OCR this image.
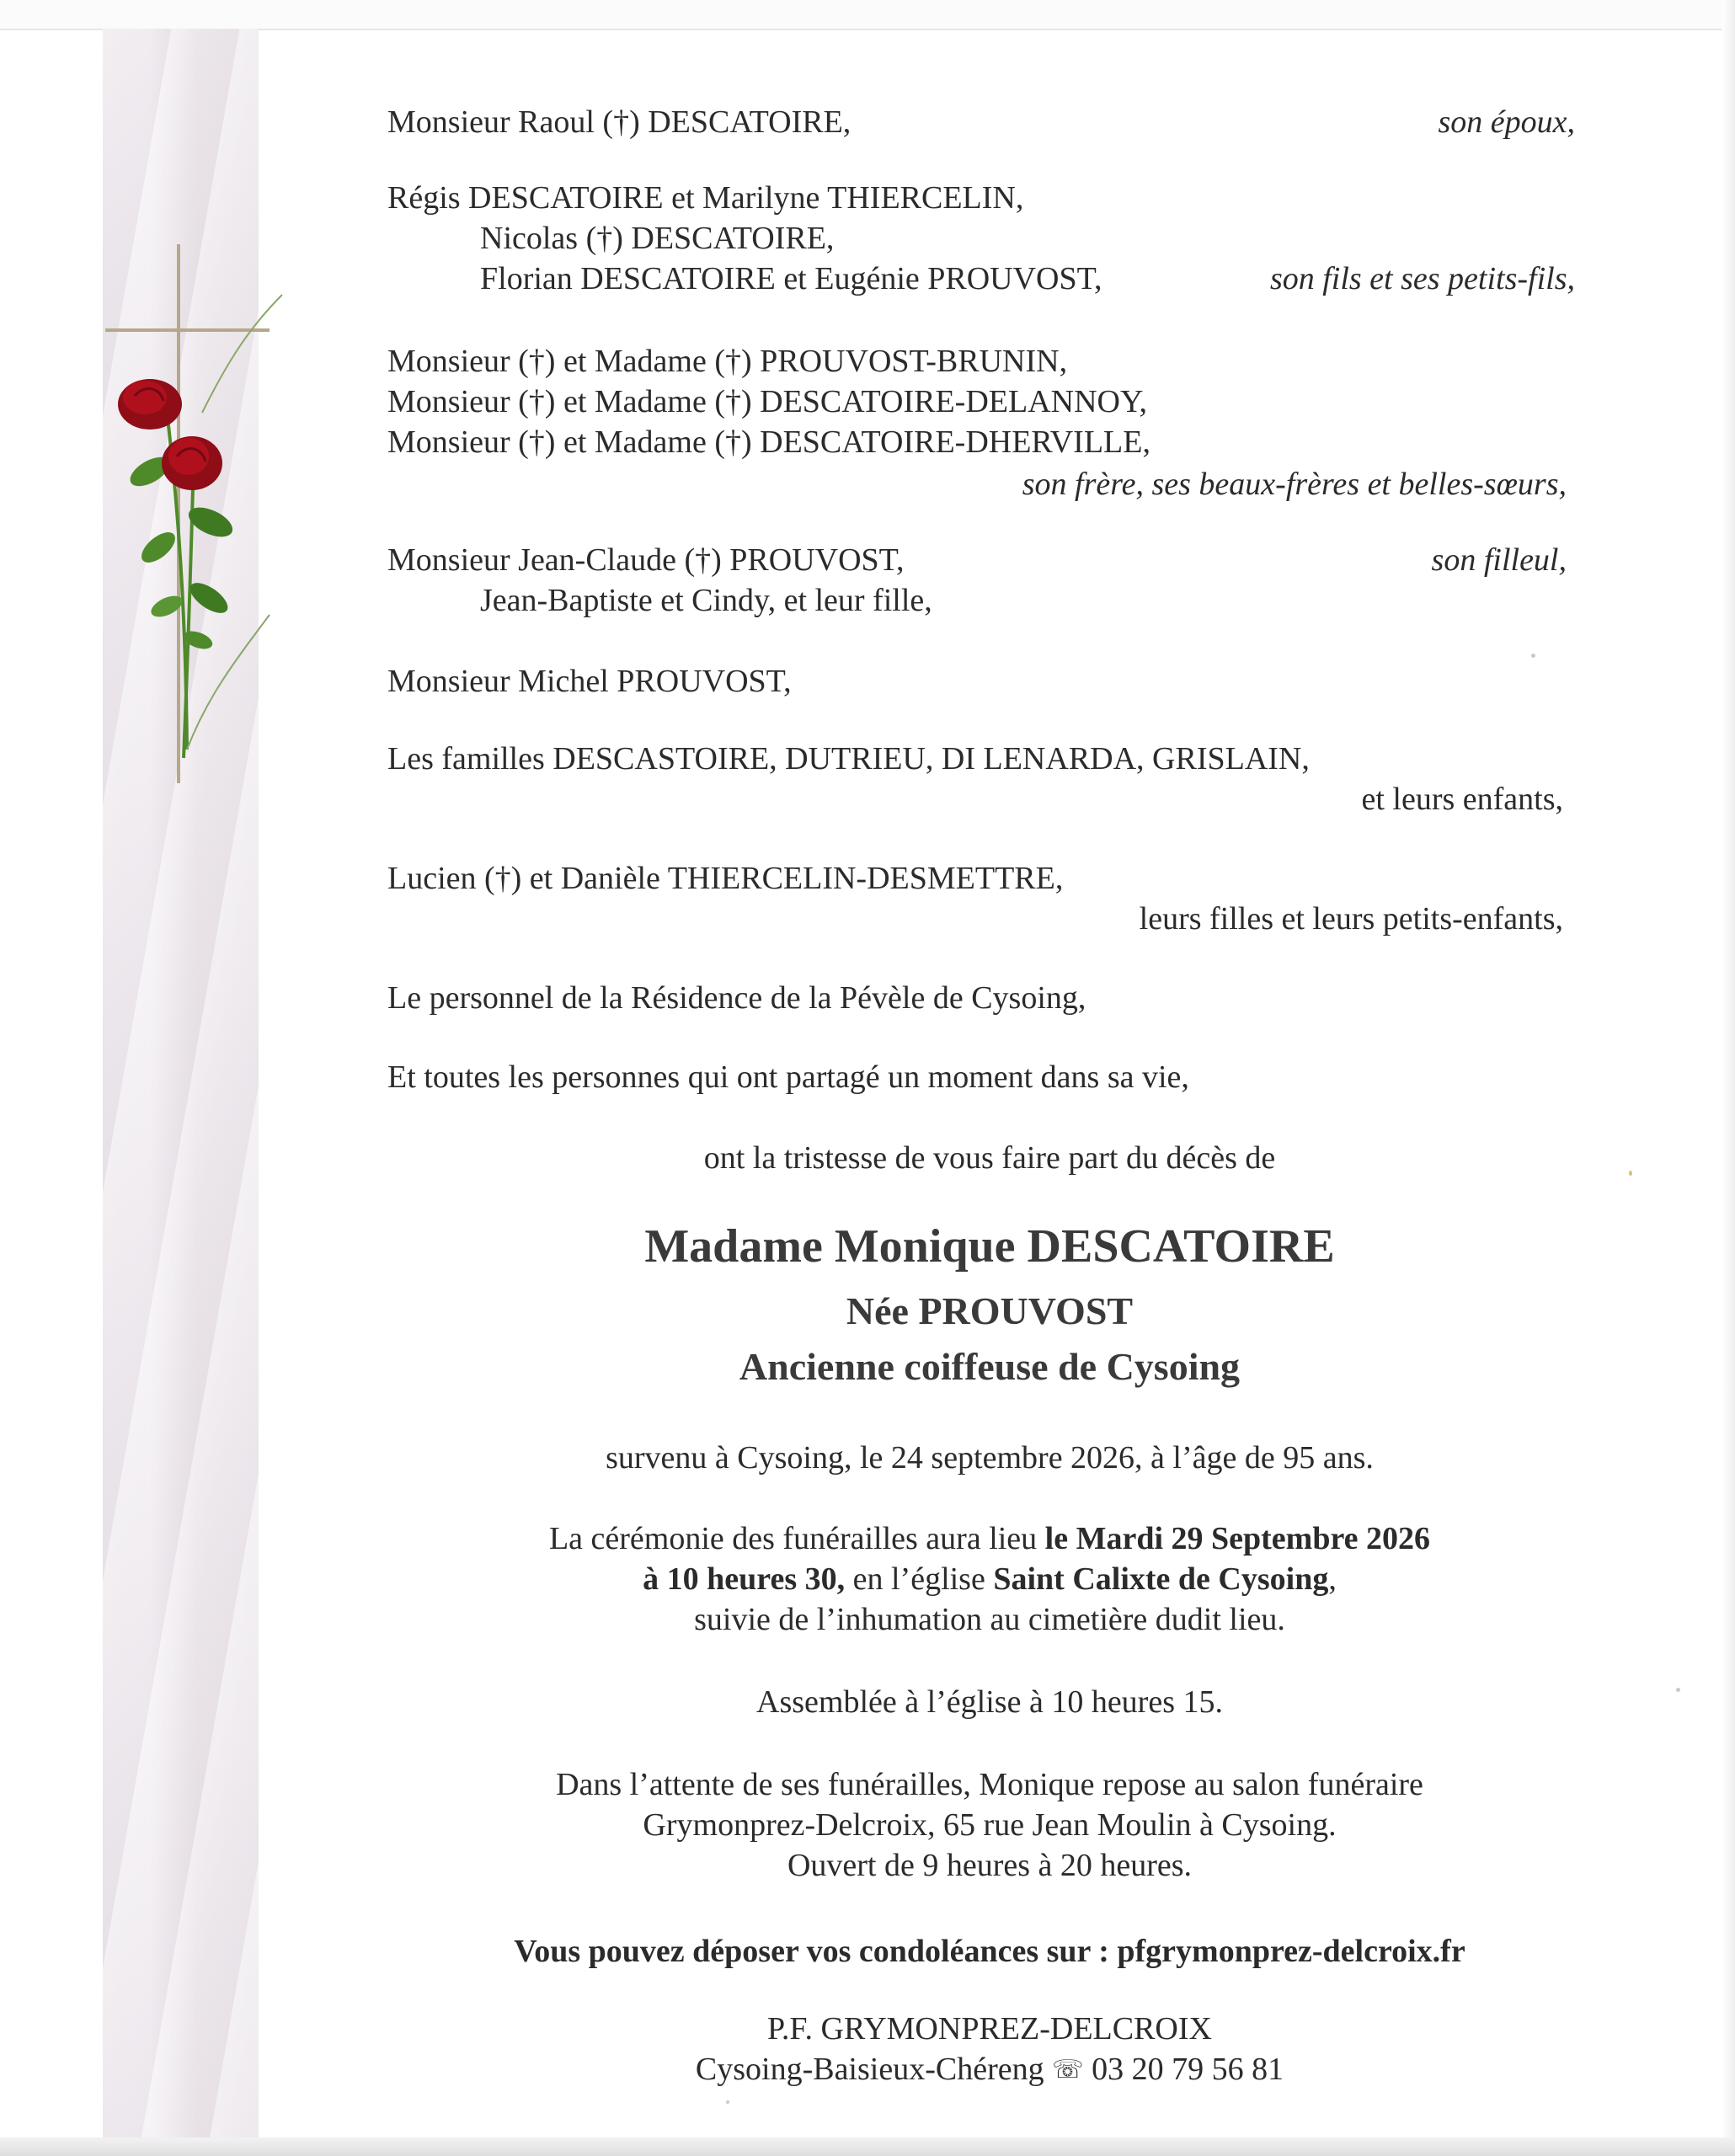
Monsieur Raoul (†) DESCATOIRE,	son époux,
Régis DESCATOIRE et Marilyne THIERCELIN,
Nicolas (†) DESCATOIRE,
Florian DESCATOIRE et Eugénie PROUVOST,	son fils et ses petits-fils,
Monsieur (†) et Madame (†) PROUVOST-BRUNIN,
Monsieur (†) et Madame (†) DESCATOIRE-DELANNOY,
Monsieur (†) et Madame (†) DESCATOIRE-DHERVILLE,
son frère, ses beaux-frères et belles-sœurs,
Monsieur Jean-Claude (†) PROUVOST,	son filleul,
Jean-Baptiste et Cindy, et leur fille,
Monsieur Michel PROUVOST,
Les familles DESCASTOIRE, DUTRIEU, DI LENARDA, GRISLAIN,
et leurs enfants,
Lucien (†) et Danièle THIERCELIN-DESMETTRE,
leurs filles et leurs petits-enfants,
Le personnel de la Résidence de la Pévèle de Cysoing,
Et toutes les personnes qui ont partagé un moment dans sa vie,
ont la tristesse de vous faire part du décès de
Madame Monique DESCATOIRE
Née PROUVOST
Ancienne coiffeuse de Cysoing
survenu à Cysoing, le 24 septembre 2026, à l’âge de 95 ans.
La cérémonie des funérailles aura lieu le Mardi 29 Septembre 2026
à 10 heures 30, en l’église Saint Calixte de Cysoing,
suivie de l’inhumation au cimetière dudit lieu.
Assemblée à l’église à 10 heures 15.
Dans l’attente de ses funérailles, Monique repose au salon funéraire
Grymonprez-Delcroix, 65 rue Jean Moulin à Cysoing.
Ouvert de 9 heures à 20 heures.
Vous pouvez déposer vos condoléances sur : pfgrymonprez-delcroix.fr
P.F. GRYMONPREZ-DELCROIX
Cysoing-Baisieux-Chéreng ☏ 03 20 79 56 81
